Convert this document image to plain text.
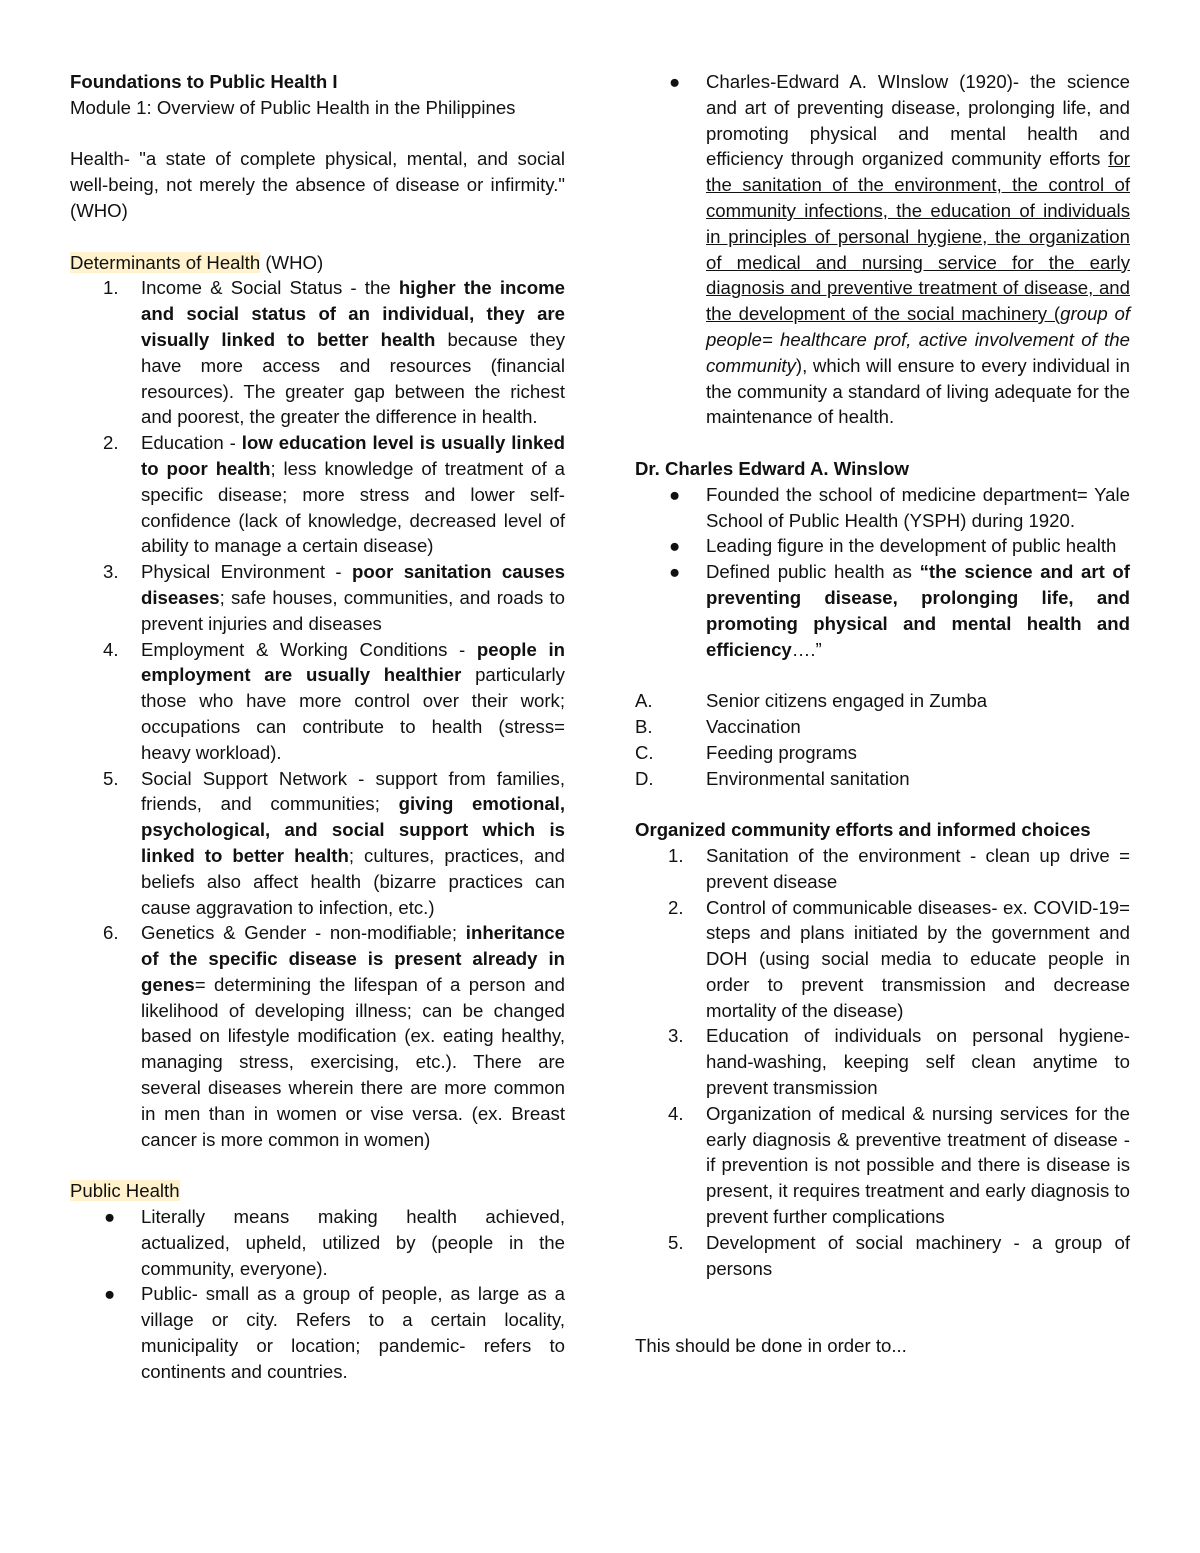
Foundations to Public Health I

Module 1: Overview of Public Health in the Philippines

Health- "a state of complete physical, mental, and social well-being, not merely the absence of disease or infirmity." (WHO)

Determinants of Health (WHO)

1.	Income & Social Status - the higher the income and social status of an individual, they are visually linked to better health because they have more access and resources (financial resources). The greater gap between the richest and poorest, the greater the difference in health.
2.	Education - low education level is usually linked to poor health; less knowledge of treatment of a specific disease; more stress and lower self-confidence (lack of knowledge, decreased level of ability to manage a certain disease)
3.	Physical Environment - poor sanitation causes diseases; safe houses, communities, and roads to prevent injuries and diseases
4.	Employment & Working Conditions - people in employment are usually healthier particularly those who have more control over their work; occupations can contribute to health (stress= heavy workload).
5.	Social Support Network - support from families, friends, and communities; giving emotional, psychological, and social support which is linked to better health; cultures, practices, and beliefs also affect health (bizarre practices can cause aggravation to infection, etc.)
6.	Genetics & Gender - non-modifiable; inheritance of the specific disease is present already in genes= determining the lifespan of a person and likelihood of developing illness; can be changed based on lifestyle modification (ex. eating healthy, managing stress, exercising, etc.). There are several diseases wherein there are more common in men than in women or vise versa. (ex. Breast cancer is more common in women)

Public Health

●	Literally means making health achieved, actualized, upheld, utilized by (people in the community, everyone).
●	Public- small as a group of people, as large as a village or city. Refers to a certain locality, municipality or location; pandemic- refers to continents and countries.
●	Charles-Edward A. WInslow (1920)- the science and art of preventing disease, prolonging life, and promoting physical and mental health and efficiency through organized community efforts for the sanitation of the environment, the control of community infections, the education of individuals in principles of personal hygiene, the organization of medical and nursing service for the early diagnosis and preventive treatment of disease, and the development of the social machinery (group of people= healthcare prof, active involvement of the community), which will ensure to every individual in the community a standard of living adequate for the maintenance of health.

Dr. Charles Edward A. Winslow

●	Founded the school of medicine department= Yale School of Public Health (YSPH) during 1920.
●	Leading figure in the development of public health
●	Defined public health as “the science and art of preventing disease, prolonging life, and promoting physical and mental health and efficiency….”
A.	Senior citizens engaged in Zumba
B.	Vaccination
C.	Feeding programs
D.	Environmental sanitation

Organized community efforts and informed choices

1.	Sanitation of the environment - clean up drive = prevent disease
2.	Control of communicable diseases- ex. COVID-19= steps and plans initiated by the government and DOH (using social media to educate people in order to prevent transmission and decrease mortality of the disease)
3.	Education of individuals on personal hygiene- hand-washing, keeping self clean anytime to prevent transmission
4.	Organization of medical & nursing services for the early diagnosis & preventive treatment of disease - if prevention is not possible and there is disease is present, it requires treatment and early diagnosis to prevent further complications
5.	Development of social machinery - a group of persons

This should be done in order to...
